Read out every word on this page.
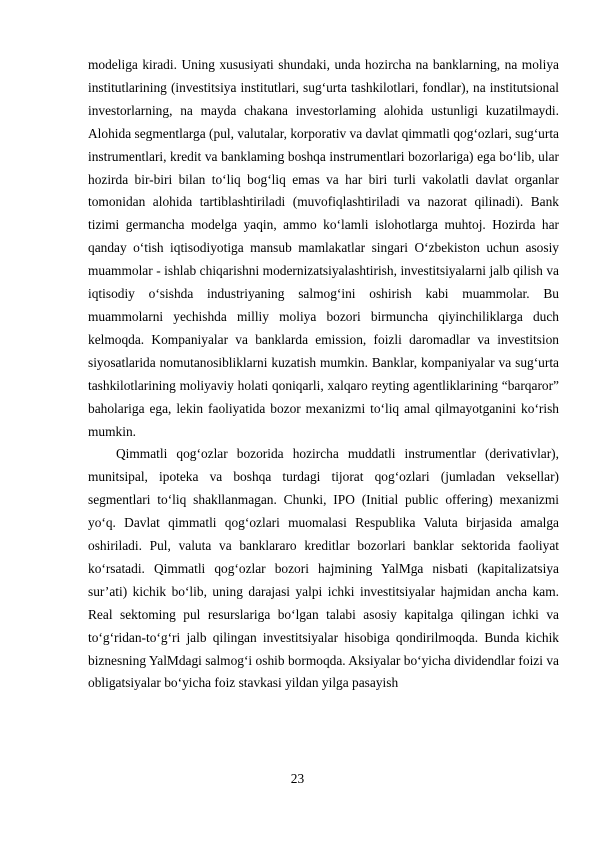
modeliga kiradi. Uning xususiyati shundaki, unda hozircha na banklarning, na moliya institutlarining (investitsiya institutlari, sug‘urta tashkilotlari, fondlar), na institutsional investorlarning, na mayda chakana investorlaming alohida ustunligi kuzatilmaydi. Alohida segmentlarga (pul, valutalar, korporativ va davlat qimmatli qog‘ozlari, sug‘urta instrumentlari, kredit va banklaming boshqa instrumentlari bozorlariga) ega bo‘lib, ular hozirda bir-biri bilan to‘liq bog‘liq emas va har biri turli vakolatli davlat organlar tomonidan alohida tartiblashtiriladi (muvofiqlashtiriladi va nazorat qilinadi). Bank tizimi germancha modelga yaqin, ammo ko‘lamli islohotlarga muhtoj. Hozirda har qanday o‘tish iqtisodiyotiga mansub mamlakatlar singari O‘zbekiston uchun asosiy muammolar - ishlab chiqarishni modernizatsiyalashtirish, investitsiyalarni jalb qilish va iqtisodiy o‘sishda industriyaning salmog‘ini oshirish kabi muammolar. Bu muammolarni yechishda milliy moliya bozori birmuncha qiyinchiliklarga duch kelmoqda. Kompaniyalar va banklarda emission, foizli daromadlar va investitsion siyosatlarida nomutanosibliklarni kuzatish mumkin. Banklar, kompaniyalar va sug‘urta tashkilotlarining moliyaviy holati qoniqarli, xalqaro reyting agentliklarining “barqaror” baholariga ega, lekin faoliyatida bozor mexanizmi to‘liq amal qilmayotganini ko‘rish mumkin.

Qimmatli qog‘ozlar bozorida hozircha muddatli instrumentlar (derivativlar), munitsipal, ipoteka va boshqa turdagi tijorat qog‘ozlari (jumladan veksellar) segmentlari to‘liq shakllanmagan. Chunki, IPO (Initial public offering) mexanizmi yo‘q. Davlat qimmatli qog‘ozlari muomalasi Respublika Valuta birjasida amalga oshiriladi. Pul, valuta va banklararo kreditlar bozorlari banklar sektorida faoliyat ko‘rsatadi. Qimmatli qog‘ozlar bozori hajmining YalMga nisbati (kapitalizatsiya sur’ati) kichik bo‘lib, uning darajasi yalpi ichki investitsiyalar hajmidan ancha kam. Real sektoming pul resurslariga bo‘lgan talabi asosiy kapitalga qilingan ichki va to‘g‘ridan-to‘g‘ri jalb qilingan investitsiyalar hisobiga qondirilmoqda. Bunda kichik biznesning YalMdagi salmog‘i oshib bormoqda. Aksiyalar bo‘yicha dividendlar foizi va obligatsiyalar bo‘yicha foiz stavkasi yildan yilga pasayish

23
